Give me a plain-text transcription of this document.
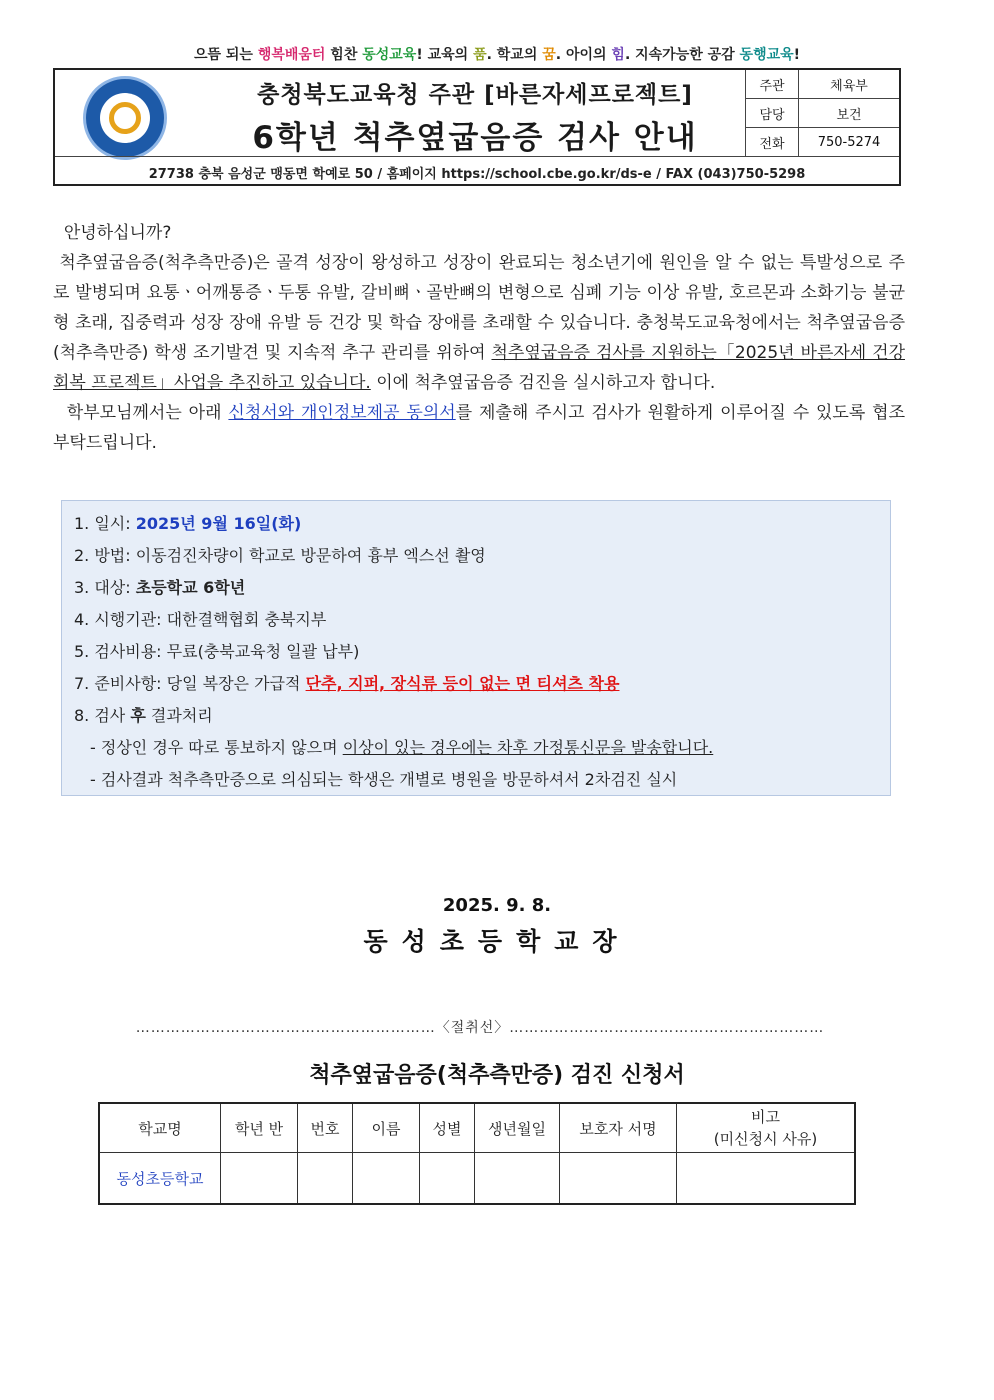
으뜸 되는 행복배움터 힘찬 동성교육! 교육의 품. 학교의 꿈. 아이의 힘. 지속가능한 공감 동행교육!
충청북도교육청 주관 [바른자세프로젝트]
6학년 척추옆굽음증 검사 안내
주관	체육부
담당	보건
전화	750-5274
27738 충북 음성군 맹동면 학예로 50 / 홈페이지 https://school.cbe.go.kr/ds-e / FAX (043)750-5298

안녕하십니까?

척추옆굽음증(척추측만증)은 골격 성장이 왕성하고 성장이 완료되는 청소년기에 원인을 알 수 없는 특발성으로 주로 발병되며 요통ㆍ어깨통증ㆍ두통 유발, 갈비뼈ㆍ골반뼈의 변형으로 심폐 기능 이상 유발, 호르몬과 소화기능 불균형 초래, 집중력과 성장 장애 유발 등 건강 및 학습 장애를 초래할 수 있습니다. 충청북도교육청에서는 척추옆굽음증(척추측만증) 학생 조기발견 및 지속적 추구 관리를 위하여 척추옆굽음증 검사를 지원하는「2025년 바른자세 건강회복 프로젝트」사업을 추진하고 있습니다. 이에 척추옆굽음증 검진을 실시하고자 합니다.

학부모님께서는 아래 신청서와 개인정보제공 동의서를 제출해 주시고 검사가 원활하게 이루어질 수 있도록 협조 부탁드립니다.

1. 일시: 2025년 9월 16일(화)
2. 방법: 이동검진차량이 학교로 방문하여 흉부 엑스선 촬영
3. 대상: 초등학교 6학년
4. 시행기관: 대한결핵협회 충북지부
5. 검사비용: 무료(충북교육청 일괄 납부)
7. 준비사항: 당일 복장은 가급적 단추, 지퍼, 장식류 등이 없는 면 티셔츠 착용
8. 검사 후 결과처리
- 정상인 경우 따로 통보하지 않으며 이상이 있는 경우에는 차후 가정통신문을 발송합니다.
- 검사결과 척추측만증으로 의심되는 학생은 개별로 병원을 방문하셔서 2차검진 실시
2025. 9. 8.
동성초등학교장
……………………………………………………〈절취선〉………………………………………………………
척추옆굽음증(척추측만증) 검진 신청서
학교명	학년 반	번호	이름	성별	생년월일	보호자 서명	비고
(미신청시 사유)
동성초등학교							
